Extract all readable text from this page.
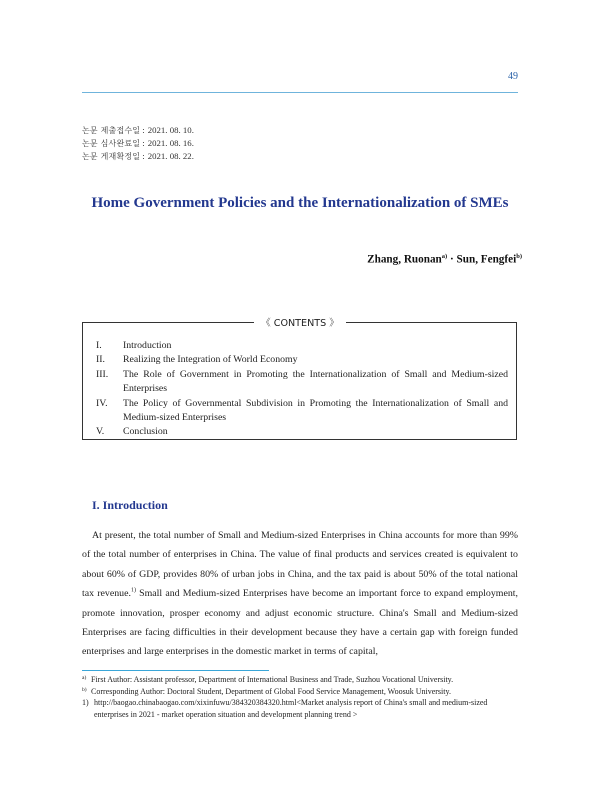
49
논문 제출접수일 : 2021. 08. 10.
논문 심사완료일 : 2021. 08. 16.
논문 게재확정일 : 2021. 08. 22.
Home Government Policies and the Internationalization of SMEs
Zhang, Ruonan$^{a)}$ · Sun, Fengfei$^{b)}$
《 CONTENTS 》
I.	Introduction
II.	Realizing the Integration of World Economy
III.	The Role of Government in Promoting the Internationalization of Small and Medium-sized Enterprises
IV.	The Policy of Governmental Subdivision in Promoting the Internationalization of Small and Medium-sized Enterprises
V.	Conclusion
I. Introduction

At present, the total number of Small and Medium-sized Enterprises in China accounts for more than 99% of the total number of enterprises in China. The value of final products and services created is equivalent to about 60% of GDP, provides 80% of urban jobs in China, and the tax paid is about 50% of the total national tax revenue.$^{1)}$ Small and Medium-sized Enterprises have become an important force to expand employment, promote innovation, prosper economy and adjust economic structure. China's Small and Medium-sized Enterprises are facing difficulties in their development because they have a certain gap with foreign funded enterprises and large enterprises in the domestic market in terms of capital,

a) First Author: Assistant professor, Department of International Business and Trade, Suzhou Vocational University.
b) Corresponding Author: Doctoral Student, Department of Global Food Service Management, Woosuk University.
1) http://baogao.chinabaogao.com/xixinfuwu/384320384320.html<Market analysis report of China's small and medium-sized enterprises in 2021 - market operation situation and development planning trend >
